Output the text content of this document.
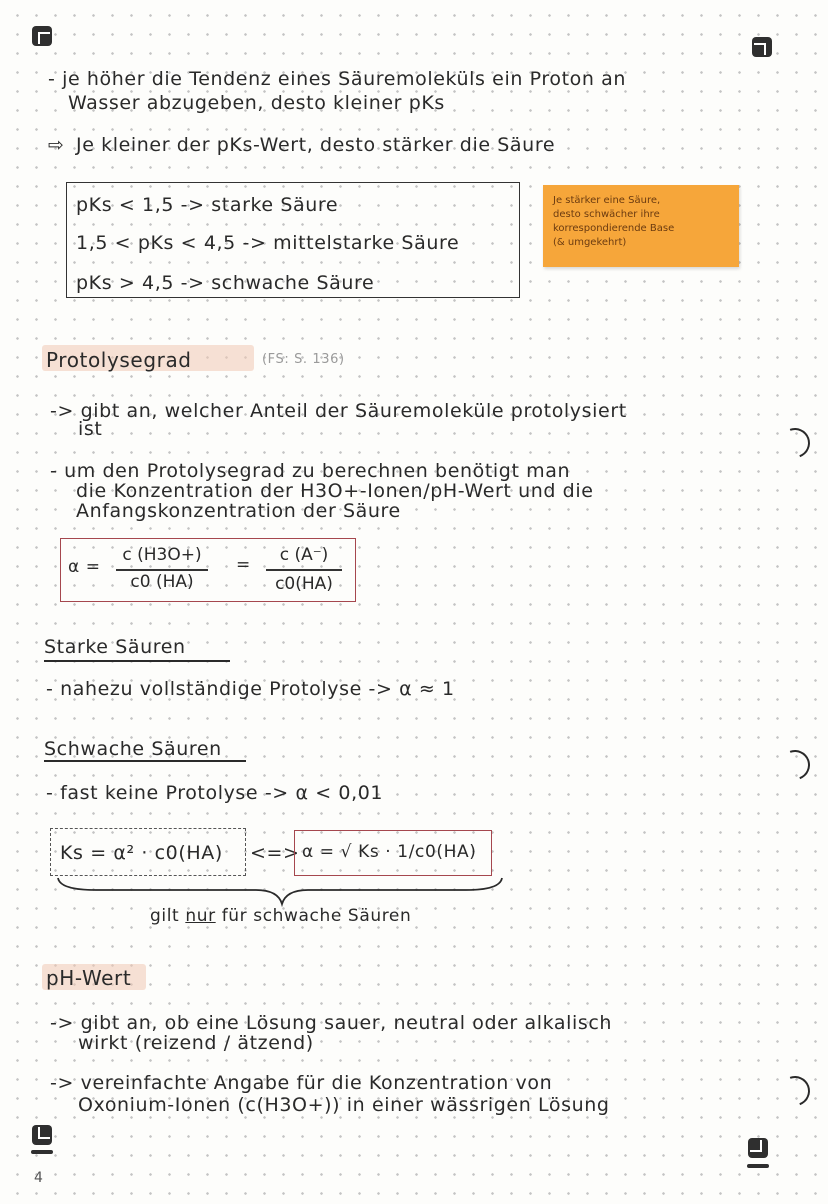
- je höher die Tendenz eines Säuremoleküls ein Proton an
Wasser abzugeben, desto kleiner pKs
⇨ Je kleiner der pKs-Wert, desto stärker die Säure
pKs < 1,5 -> starke Säure
1,5 < pKs < 4,5 -> mittelstarke Säure
pKs > 4,5 -> schwache Säure
Je stärker eine Säure,
desto schwächer ihre
korrespondierende Base
(& umgekehrt)
Protolysegrad	(FS: S. 136)
-> gibt an, welcher Anteil der Säuremoleküle protolysiert
ist
- um den Protolysegrad zu berechnen benötigt man
die Konzentration der H3O+-Ionen/pH-Wert und die
Anfangskonzentration der Säure
α =
c (H3O+)
c0 (HA)
=	c (A⁻)
c0(HA)
Starke Säuren
- nahezu vollständige Protolyse -> α ≈ 1
Schwache Säuren
- fast keine Protolyse -> α < 0,01
Ks = α² · c0(HA) <=> α = √ Ks · 1/c0(HA)
gilt nur für schwache Säuren
pH-Wert
-> gibt an, ob eine Lösung sauer, neutral oder alkalisch
wirkt (reizend / ätzend)
-> vereinfachte Angabe für die Konzentration von
Oxonium-Ionen (c(H3O+)) in einer wässrigen Lösung
4
